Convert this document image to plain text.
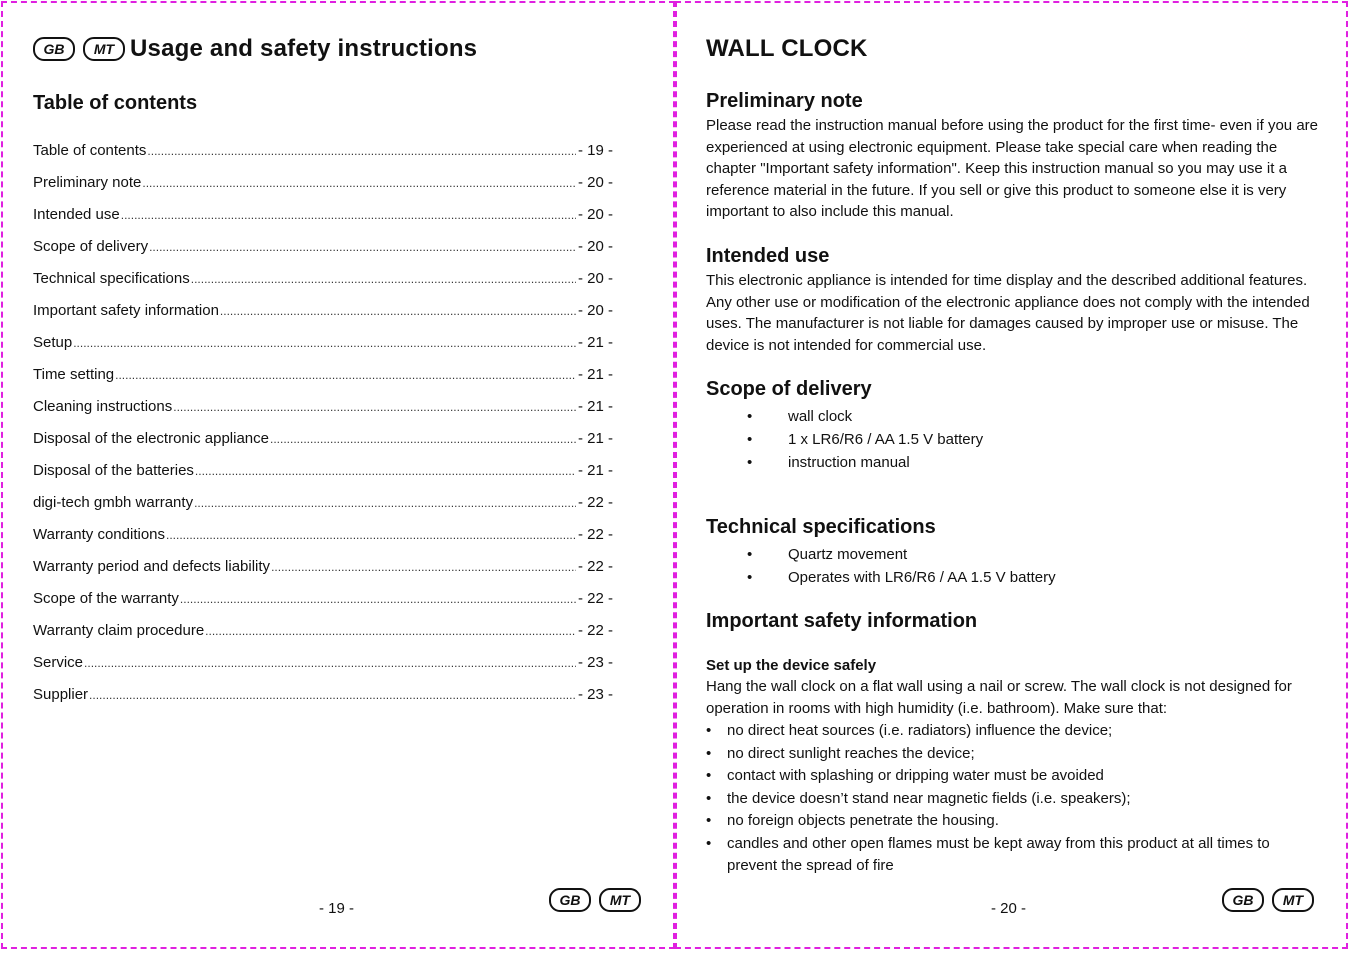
GB	MT Usage and safety instructions
Table of contents
Table of contents .....	- 19 -
Preliminary note .....	- 20 -
Intended use .....	- 20 -
Scope of delivery .....	- 20 -
Technical specifications .....	- 20 -
Important safety information .....	- 20 -
Setup .....	- 21 -
Time setting .....	- 21 -
Cleaning instructions .....	- 21 -
Disposal of the electronic appliance .....	- 21 -
Disposal of the batteries .....	- 21 -
digi-tech gmbh warranty .....	- 22 -
Warranty conditions .....	- 22 -
Warranty period and defects liability .....	- 22 -
Scope of the warranty .....	- 22 -
Warranty claim procedure .....	- 22 -
Service .....	- 23 -
Supplier .....	- 23 -
- 19 -	GB	MT
WALL CLOCK
Preliminary note

Please read the instruction manual before using the product for the first time- even if you are experienced at using electronic equipment. Please take special care when reading the chapter "Important safety information". Keep this instruction manual so you may use it a reference material in the future. If you sell or give this product to someone else it is very important to also include this manual.

Intended use

This electronic appliance is intended for time display and the described additional features. Any other use or modification of the electronic appliance does not comply with the intended uses. The manufacturer is not liable for damages caused by improper use or misuse. The device is not intended for commercial use.

Scope of delivery
•	wall clock
•	1 x LR6/R6 / AA 1.5 V battery
•	instruction manual
Technical specifications
•	Quartz movement
•	Operates with LR6/R6 / AA 1.5 V battery
Important safety information
Set up the device safely

Hang the wall clock on a flat wall using a nail or screw. The wall clock is not designed for operation in rooms with high humidity (i.e. bathroom). Make sure that:

•	no direct heat sources (i.e. radiators) influence the device;
•	no direct sunlight reaches the device;
•	contact with splashing or dripping water must be avoided
•	the device doesn’t stand near magnetic fields (i.e. speakers);
•	no foreign objects penetrate the housing.
•	candles and other open flames must be kept away from this product at all times to prevent the spread of fire
- 20 -	GB	MT
